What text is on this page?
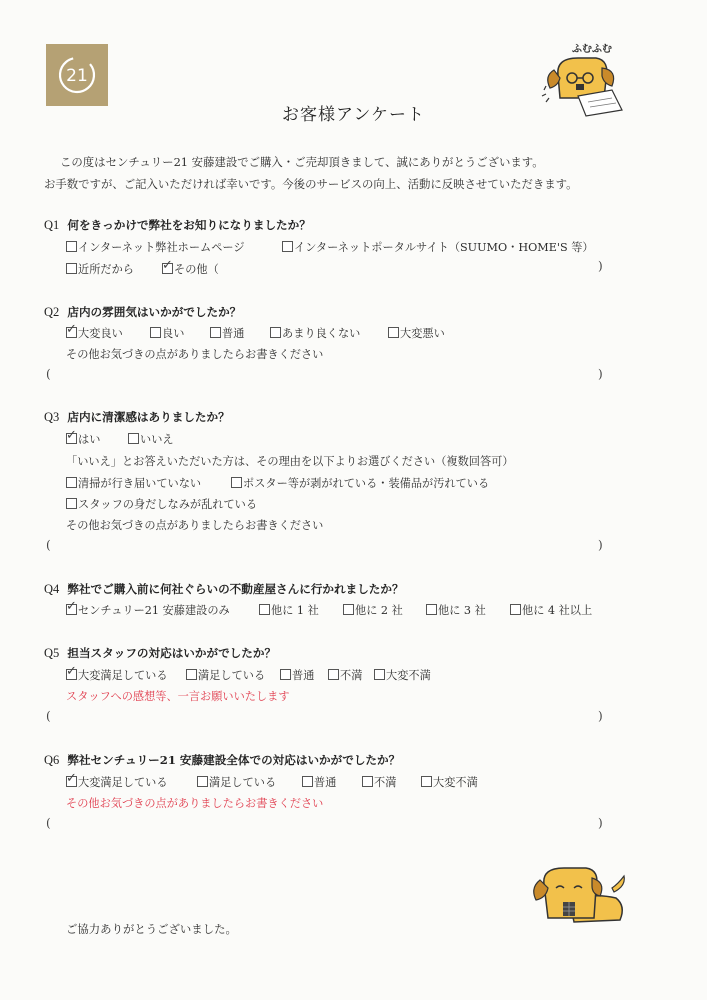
21
ふむふむ
お客様アンケート
この度はセンチュリー21 安藤建設でご購入・ご売却頂きまして、誠にありがとうございます。
お手数ですが、ご記入いただければ幸いです。今後のサービスの向上、活動に反映させていただきます。
Q1 何をきっかけで弊社をお知りになりましたか？
インターネット弊社ホームページ	インターネットポータルサイト（SUUMO・HOME'S 等）
近所だから ✓ その他（	)
Q2 店内の雰囲気はいかがでしたか？
✓ 大変良い	良い	普通	あまり良くない	大変悪い
その他お気づきの点がありましたらお書きください
(	)
Q3 店内に清潔感はありましたか？
✓ はい	いいえ
「いいえ」とお答えいただいた方は、その理由を以下よりお選びください（複数回答可）
清掃が行き届いていない	ポスター等が剥がれている・装備品が汚れている
スタッフの身だしなみが乱れている
その他お気づきの点がありましたらお書きください
(	)
Q4 弊社でご購入前に何社ぐらいの不動産屋さんに行かれましたか？
✓ センチュリー21 安藤建設のみ	他に 1 社	他に 2 社	他に 3 社	他に 4 社以上
Q5 担当スタッフの対応はいかがでしたか？
✓ 大変満足している	満足している	普通	不満	大変不満
スタッフへの感想等、一言お願いいたします
(	)
Q6 弊社センチュリー21 安藤建設全体での対応はいかがでしたか？
✓ 大変満足している	満足している	普通	不満	大変不満
その他お気づきの点がありましたらお書きください
(	)
ご協力ありがとうございました。
